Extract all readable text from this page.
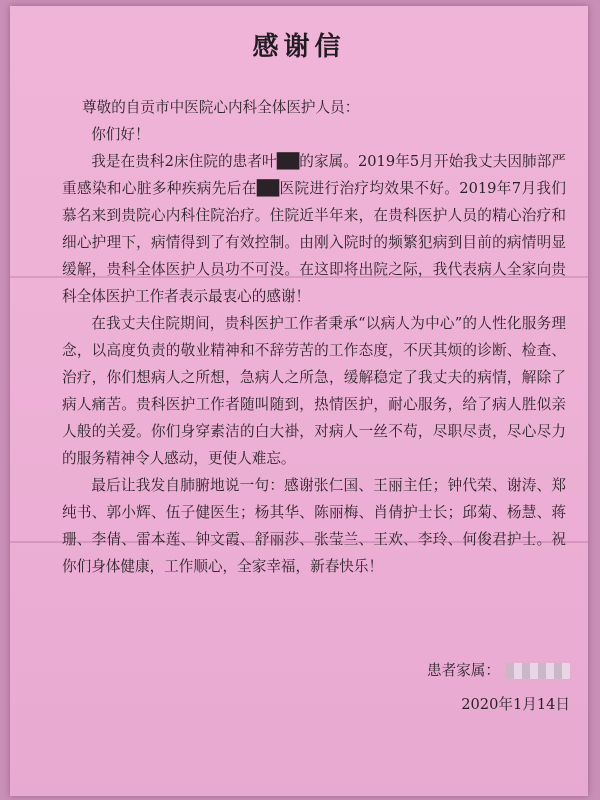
感谢信

尊敬的自贡市中医院心内科全体医护人员：

你们好！

我是在贵科2床住院的患者叶██的家属。2019年5月开始我丈夫因肺部严重感染和心脏多种疾病先后在██医院进行治疗均效果不好。2019年7月我们慕名来到贵院心内科住院治疗。住院近半年来，在贵科医护人员的精心治疗和细心护理下，病情得到了有效控制。由刚入院时的频繁犯病到目前的病情明显缓解，贵科全体医护人员功不可没。在这即将出院之际，我代表病人全家向贵科全体医护工作者表示最衷心的感谢！

在我丈夫住院期间，贵科医护工作者秉承“以病人为中心”的人性化服务理念，以高度负责的敬业精神和不辞劳苦的工作态度，不厌其烦的诊断、检查、治疗，你们想病人之所想，急病人之所急，缓解稳定了我丈夫的病情，解除了病人痛苦。贵科医护工作者随叫随到，热情医护，耐心服务，给了病人胜似亲人般的关爱。你们身穿素洁的白大褂，对病人一丝不苟，尽职尽责，尽心尽力的服务精神令人感动，更使人难忘。

最后让我发自肺腑地说一句：感谢张仁国、王丽主任；钟代荣、谢涛、郑纯书、郭小辉、伍子健医生；杨其华、陈丽梅、肖倩护士长；邱菊、杨慧、蒋珊、李倩、雷本莲、钟文霞、舒丽莎、张莹兰、王欢、李玲、何俊君护士。祝你们身体健康，工作顺心，全家幸福，新春快乐！

患者家属：
2020年1月14日
